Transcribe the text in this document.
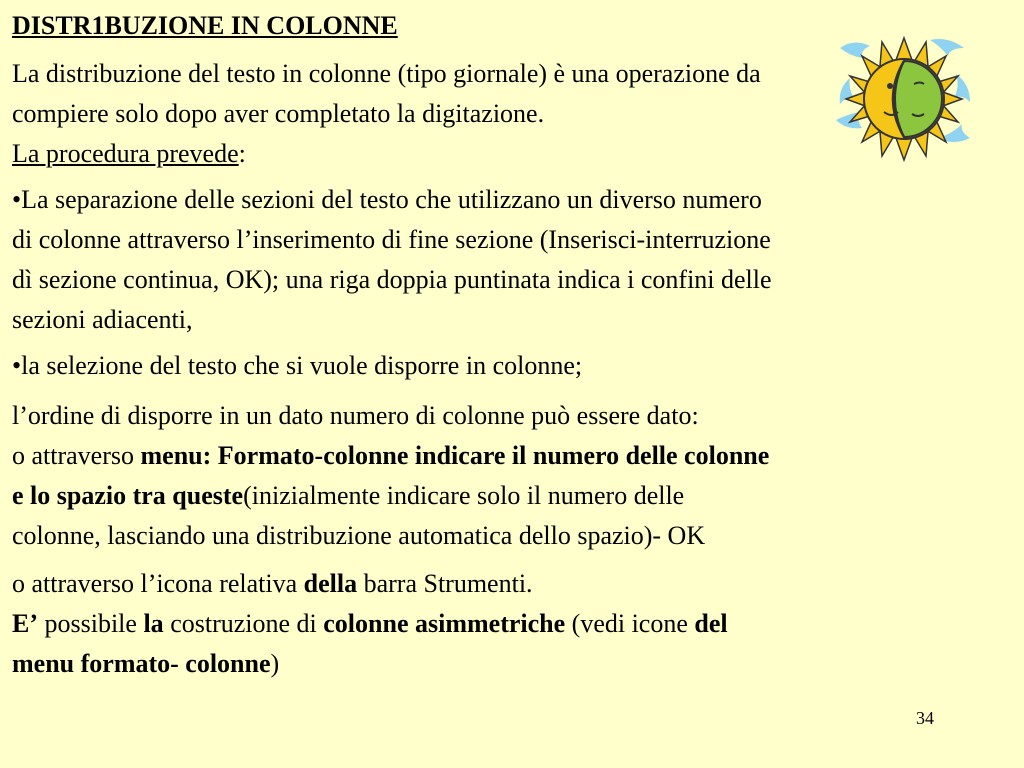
DISTR1BUZIONE IN COLONNE
La distribuzione del testo in colonne (tipo giornale) è una operazione da
compiere solo dopo aver completato la digitazione.
La procedura prevede:
•La separazione delle sezioni del testo che utilizzano un diverso numero
di colonne attraverso l’inserimento di fine sezione (Inserisci-interruzione
dì sezione continua, OK); una riga doppia puntinata indica i confini delle
sezioni adiacenti,
•la selezione del testo che si vuole disporre in colonne;
l’ordine di disporre in un dato numero di colonne può essere dato:
o attraverso menu: Formato-colonne indicare il numero delle colonne
e lo spazio tra queste(inizialmente indicare solo il numero delle
colonne, lasciando una distribuzione automatica dello spazio)- OK
o attraverso l’icona relativa della barra Strumenti.
E’ possibile la costruzione di colonne asimmetriche (vedi icone del
menu formato- colonne)
34
